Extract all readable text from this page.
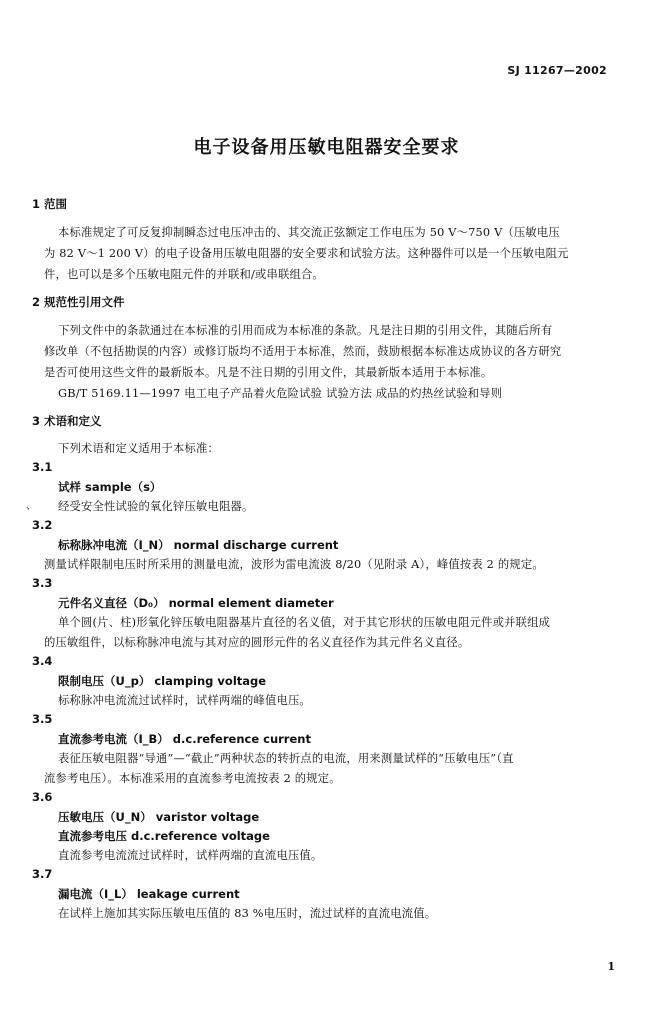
SJ 11267—2002
电子设备用压敏电阻器安全要求
1 范围
本标准规定了可反复抑制瞬态过电压冲击的、其交流正弦额定工作电压为 50 V～750 V（压敏电压
为 82 V～1 200 V）的电子设备用压敏电阻器的安全要求和试验方法。这种器件可以是一个压敏电阻元
件，也可以是多个压敏电阻元件的并联和/或串联组合。
2 规范性引用文件
下列文件中的条款通过在本标准的引用而成为本标准的条款。凡是注日期的引用文件，其随后所有
修改单（不包括勘误的内容）或修订版均不适用于本标准，然而，鼓励根据本标准达成协议的各方研究
是否可使用这些文件的最新版本。凡是不注日期的引用文件，其最新版本适用于本标准。
GB/T 5169.11—1997 电工电子产品着火危险试验 试验方法 成品的灼热丝试验和导则
3 术语和定义
下列术语和定义适用于本标准：
3.1
试样 sample（s）
经受安全性试验的氧化锌压敏电阻器。
、
3.2
标称脉冲电流（I_N） normal discharge current
测量试样限制电压时所采用的测量电流，波形为雷电流波 8/20（见附录 A），峰值按表 2 的规定。
3.3
元件名义直径（D₀） normal element diameter
单个圆(片、柱)形氧化锌压敏电阻器基片直径的名义值，对于其它形状的压敏电阻元件或并联组成
的压敏组件，以标称脉冲电流与其对应的圆形元件的名义直径作为其元件名义直径。
3.4
限制电压（U_p） clamping voltage
标称脉冲电流流过试样时，试样两端的峰值电压。
3.5
直流参考电流（I_B） d.c.reference current
表征压敏电阻器“导通”—“截止”两种状态的转折点的电流，用来测量试样的“压敏电压”（直
流参考电压）。本标准采用的直流参考电流按表 2 的规定。
3.6
压敏电压（U_N） varistor voltage
直流参考电压 d.c.reference voltage
直流参考电流流过试样时，试样两端的直流电压值。
3.7
漏电流（I_L） leakage current
在试样上施加其实际压敏电压值的 83 %电压时，流过试样的直流电流值。
1
